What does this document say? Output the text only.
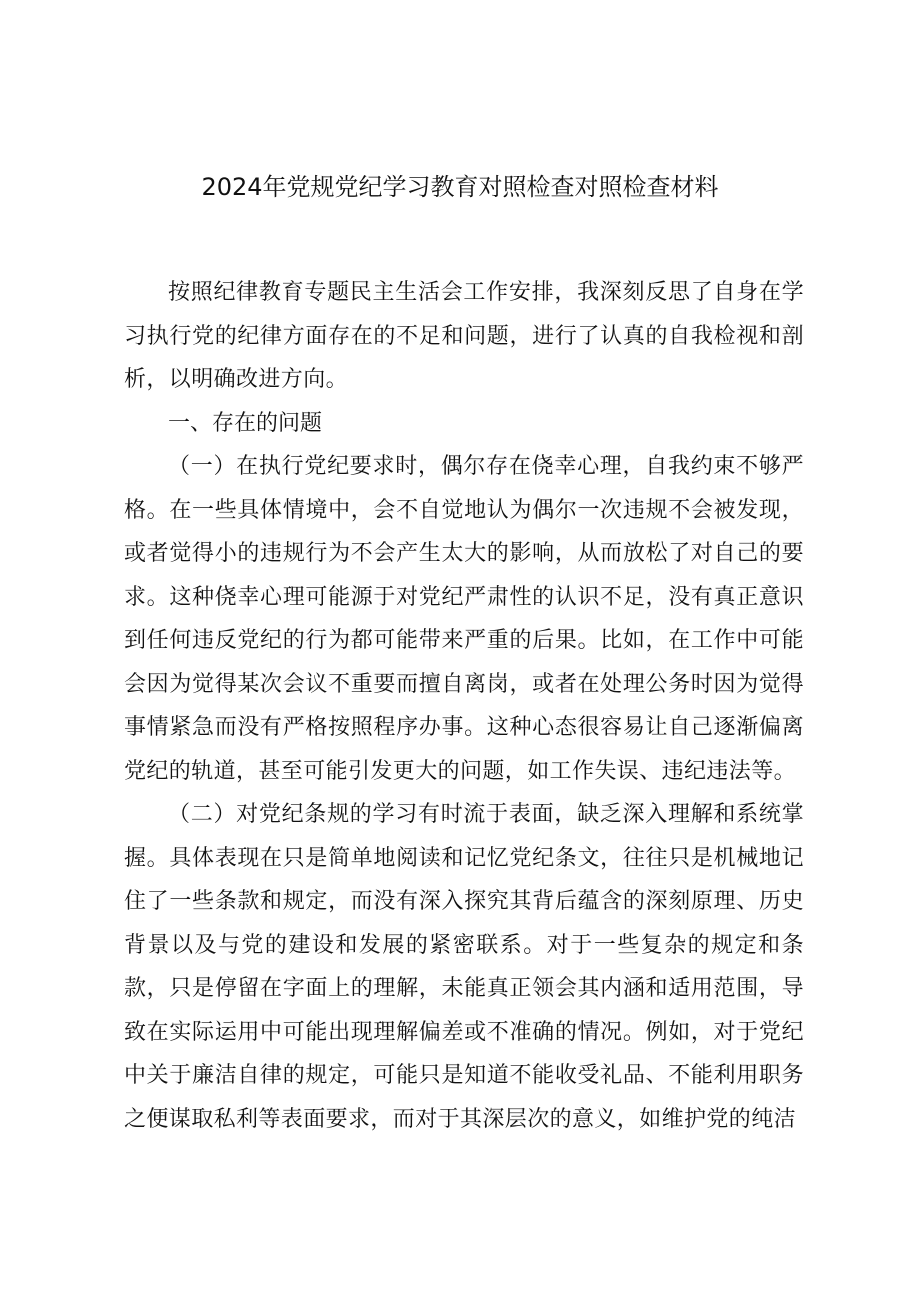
2024年党规党纪学习教育对照检查对照检查材料

按照纪律教育专题民主生活会工作安排，我深刻反思了自身在学习执行党的纪律方面存在的不足和问题，进行了认真的自我检视和剖析，以明确改进方向。

一、存在的问题

（一）在执行党纪要求时，偶尔存在侥幸心理，自我约束不够严格。在一些具体情境中，会不自觉地认为偶尔一次违规不会被发现，或者觉得小的违规行为不会产生太大的影响，从而放松了对自己的要求。这种侥幸心理可能源于对党纪严肃性的认识不足，没有真正意识到任何违反党纪的行为都可能带来严重的后果。比如，在工作中可能会因为觉得某次会议不重要而擅自离岗，或者在处理公务时因为觉得事情紧急而没有严格按照程序办事。这种心态很容易让自己逐渐偏离党纪的轨道，甚至可能引发更大的问题，如工作失误、违纪违法等。

（二）对党纪条规的学习有时流于表面，缺乏深入理解和系统掌握。具体表现在只是简单地阅读和记忆党纪条文，往往只是机械地记住了一些条款和规定，而没有深入探究其背后蕴含的深刻原理、历史背景以及与党的建设和发展的紧密联系。对于一些复杂的规定和条款，只是停留在字面上的理解，未能真正领会其内涵和适用范围，导致在实际运用中可能出现理解偏差或不准确的情况。例如，对于党纪中关于廉洁自律的规定，可能只是知道不能收受礼品、不能利用职务之便谋取私利等表面要求，而对于其深层次的意义，如维护党的纯洁
